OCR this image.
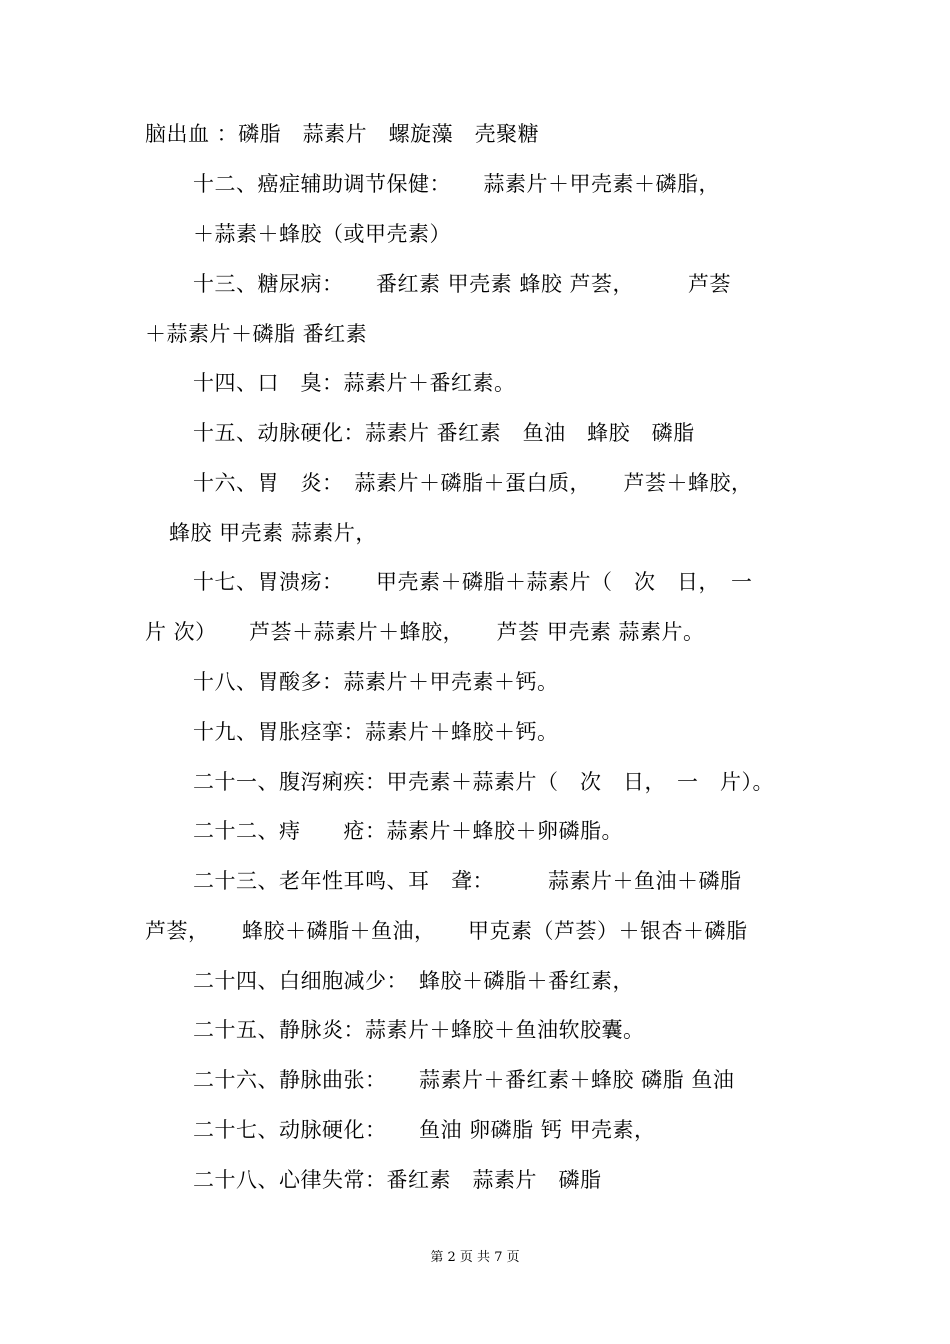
脑出血 ：磷脂　蒜素片　螺旋藻　壳聚糖
十二、癌症辅助调节保健：　　蒜素片＋甲壳素＋磷脂，
＋蒜素＋蜂胶（或甲壳素）
十三、糖尿病：　　番红素 甲壳素 蜂胶 芦荟，　　　芦荟
＋蒜素片＋磷脂 番红素
十四、口　臭：蒜素片＋番红素。
十五、动脉硬化：蒜素片 番红素　鱼油　蜂胶　磷脂
十六、胃　炎：　蒜素片＋磷脂＋蛋白质，　　芦荟＋蜂胶，
蜂胶 甲壳素 蒜素片，
十七、胃溃疡：　　甲壳素＋磷脂＋蒜素片（　次　日，　一
片 次）　　芦荟＋蒜素片＋蜂胶，　　芦荟 甲壳素 蒜素片。
十八、胃酸多：蒜素片＋甲壳素＋钙。
十九、胃胀痉挛：蒜素片＋蜂胶＋钙。
二十一、腹泻痢疾：甲壳素＋蒜素片（　次　日，　一　片）。
二十二、痔　　疮：蒜素片＋蜂胶＋卵磷脂。
二十三、老年性耳鸣、耳　聋：　　　蒜素片＋鱼油＋磷脂
芦荟，　　蜂胶＋磷脂＋鱼油，　　甲克素（芦荟）＋银杏＋磷脂
二十四、白细胞减少：　蜂胶＋磷脂＋番红素，
二十五、静脉炎：蒜素片＋蜂胶＋鱼油软胶囊。
二十六、静脉曲张：　　蒜素片＋番红素＋蜂胶 磷脂 鱼油
二十七、动脉硬化：　　鱼油 卵磷脂 钙 甲壳素，
二十八、心律失常：番红素　蒜素片　磷脂
第 2 页 共 7 页
